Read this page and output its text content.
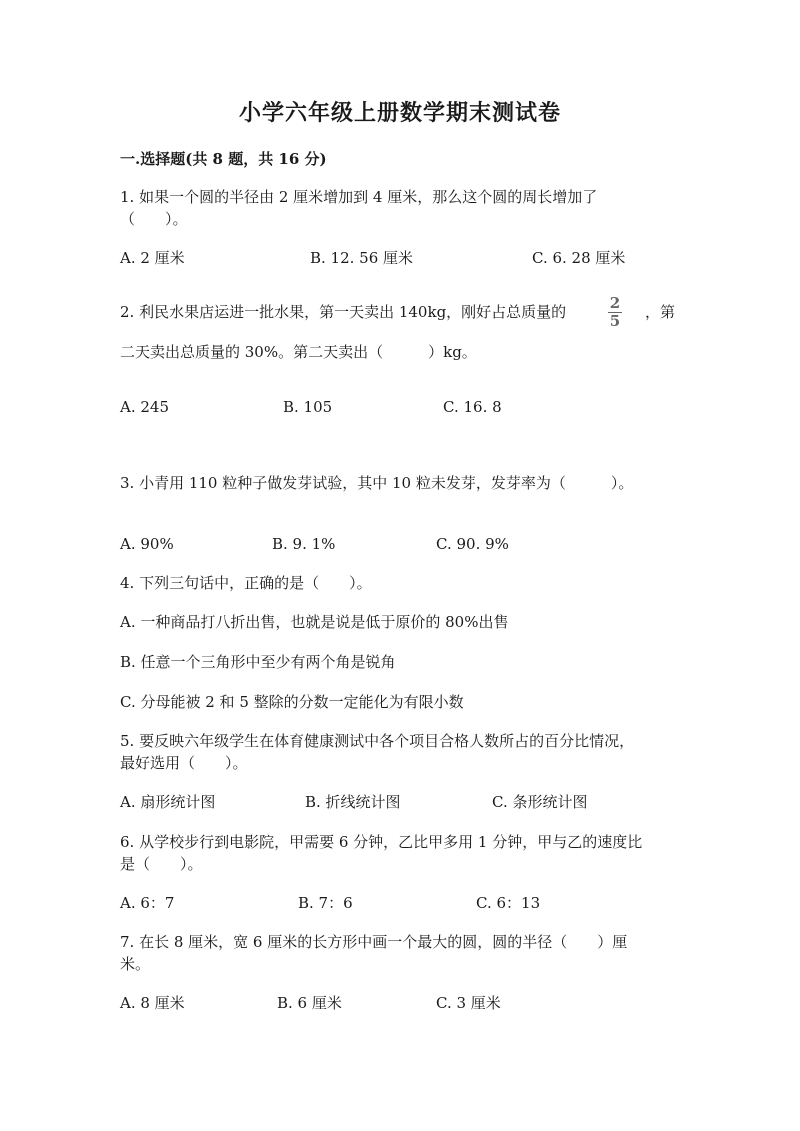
小学六年级上册数学期末测试卷
一.选择题(共 8 题，共 16 分)
1. 如果一个圆的半径由 2 厘米增加到 4 厘米，那么这个圆的周长增加了
（　　）。
A. 2 厘米	B. 12. 56 厘米	C. 6. 28 厘米
2. 利民水果店运进一批水果，第一天卖出 140kg，刚好占总质量的	2
5	，第
二天卖出总质量的 30%。第二天卖出（　　　）kg。
A. 245	B. 105	C. 16. 8
3. 小青用 110 粒种子做发芽试验，其中 10 粒未发芽，发芽率为（　　　）。
A. 90%	B. 9. 1%	C. 90. 9%
4. 下列三句话中，正确的是（　　）。
A. 一种商品打八折出售，也就是说是低于原价的 80%出售
B. 任意一个三角形中至少有两个角是锐角
C. 分母能被 2 和 5 整除的分数一定能化为有限小数
5. 要反映六年级学生在体育健康测试中各个项目合格人数所占的百分比情况，
最好选用（　　）。
A. 扇形统计图	B. 折线统计图	C. 条形统计图
6. 从学校步行到电影院，甲需要 6 分钟，乙比甲多用 1 分钟，甲与乙的速度比
是（　　）。
A. 6：7	B. 7：6	C. 6：13
7. 在长 8 厘米，宽 6 厘米的长方形中画一个最大的圆，圆的半径（　　）厘
米。
A. 8 厘米	B. 6 厘米	C. 3 厘米
